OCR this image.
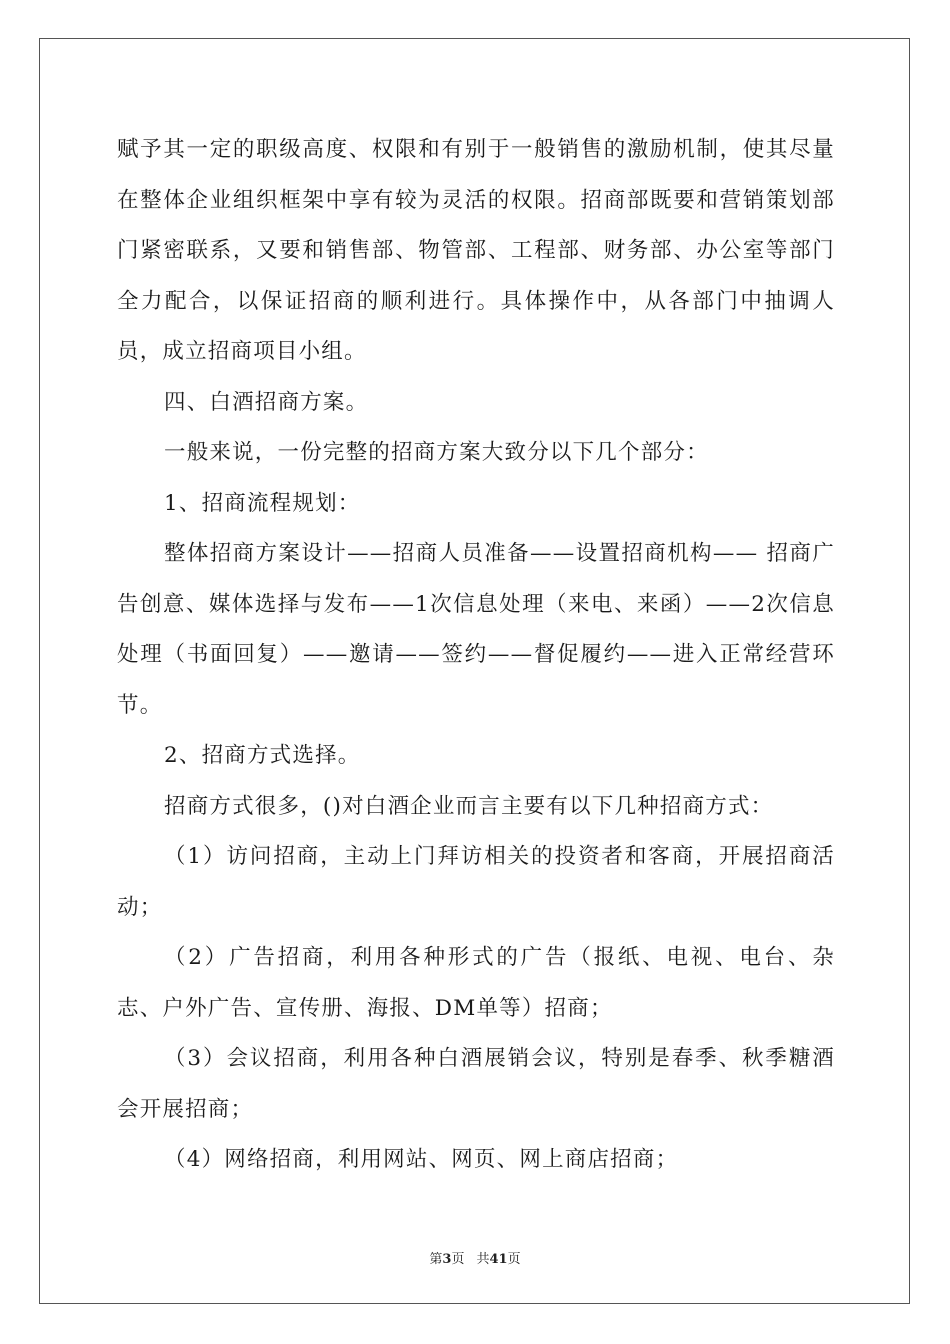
赋予其一定的职级高度、权限和有别于一般销售的激励机制，使其尽量在整体企业组织框架中享有较为灵活的权限。招商部既要和营销策划部门紧密联系，又要和销售部、物管部、工程部、财务部、办公室等部门全力配合，以保证招商的顺利进行。具体操作中，从各部门中抽调人员，成立招商项目小组。

四、白酒招商方案。

一般来说，一份完整的招商方案大致分以下几个部分：

1、招商流程规划：

整体招商方案设计——招商人员准备——设置招商机构—— 招商广告创意、媒体选择与发布——1次信息处理（来电、来函）——2次信息处理（书面回复）——邀请——签约——督促履约——进入正常经营环节。

2、招商方式选择。

招商方式很多，()对白酒企业而言主要有以下几种招商方式：

（1）访问招商，主动上门拜访相关的投资者和客商，开展招商活动；

（2）广告招商，利用各种形式的广告（报纸、电视、电台、杂志、户外广告、宣传册、海报、DM单等）招商；

（3）会议招商，利用各种白酒展销会议，特别是春季、秋季糖酒会开展招商；

（4）网络招商，利用网站、网页、网上商店招商；

第3页 共41页
